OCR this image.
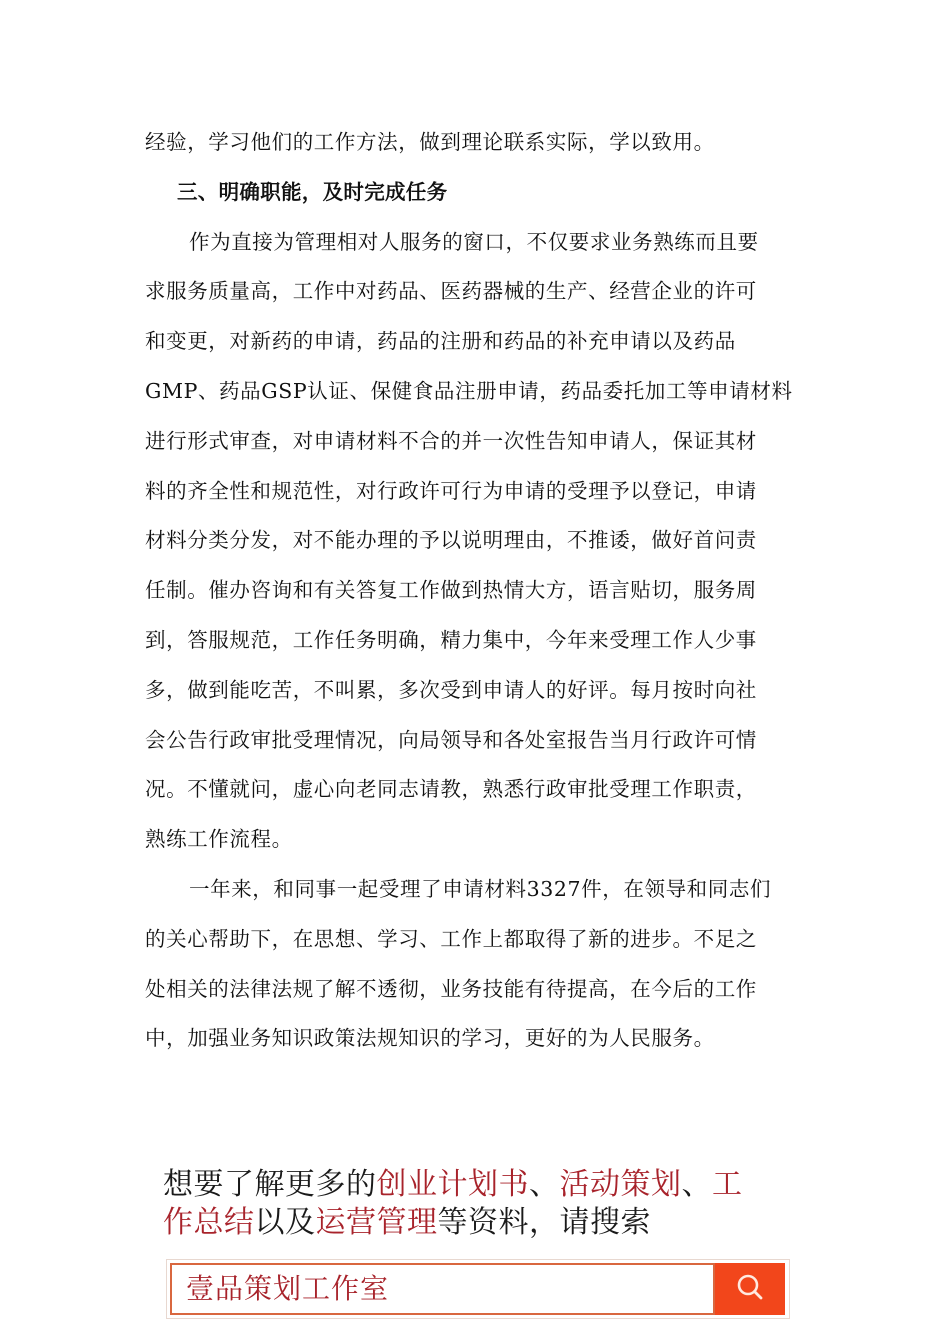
经验，学习他们的工作方法，做到理论联系实际，学以致用。
三、明确职能，及时完成任务
作为直接为管理相对人服务的窗口，不仅要求业务熟练而且要
求服务质量高，工作中对药品、医药器械的生产、经营企业的许可
和变更，对新药的申请，药品的注册和药品的补充申请以及药品
GMP、药品GSP认证、保健食品注册申请，药品委托加工等申请材料
进行形式审查，对申请材料不合的并一次性告知申请人，保证其材
料的齐全性和规范性，对行政许可行为申请的受理予以登记，申请
材料分类分发，对不能办理的予以说明理由，不推诿，做好首问责
任制。催办咨询和有关答复工作做到热情大方，语言贴切，服务周
到，答服规范，工作任务明确，精力集中，今年来受理工作人少事
多，做到能吃苦，不叫累，多次受到申请人的好评。每月按时向社
会公告行政审批受理情况，向局领导和各处室报告当月行政许可情
况。不懂就问，虚心向老同志请教，熟悉行政审批受理工作职责，
熟练工作流程。
一年来，和同事一起受理了申请材料3327件，在领导和同志们
的关心帮助下，在思想、学习、工作上都取得了新的进步。不足之
处相关的法律法规了解不透彻，业务技能有待提高，在今后的工作
中，加强业务知识政策法规知识的学习，更好的为人民服务。
想要了解更多的创业计划书、活动策划、工
作总结以及运营管理等资料，请搜索
壹品策划工作室
